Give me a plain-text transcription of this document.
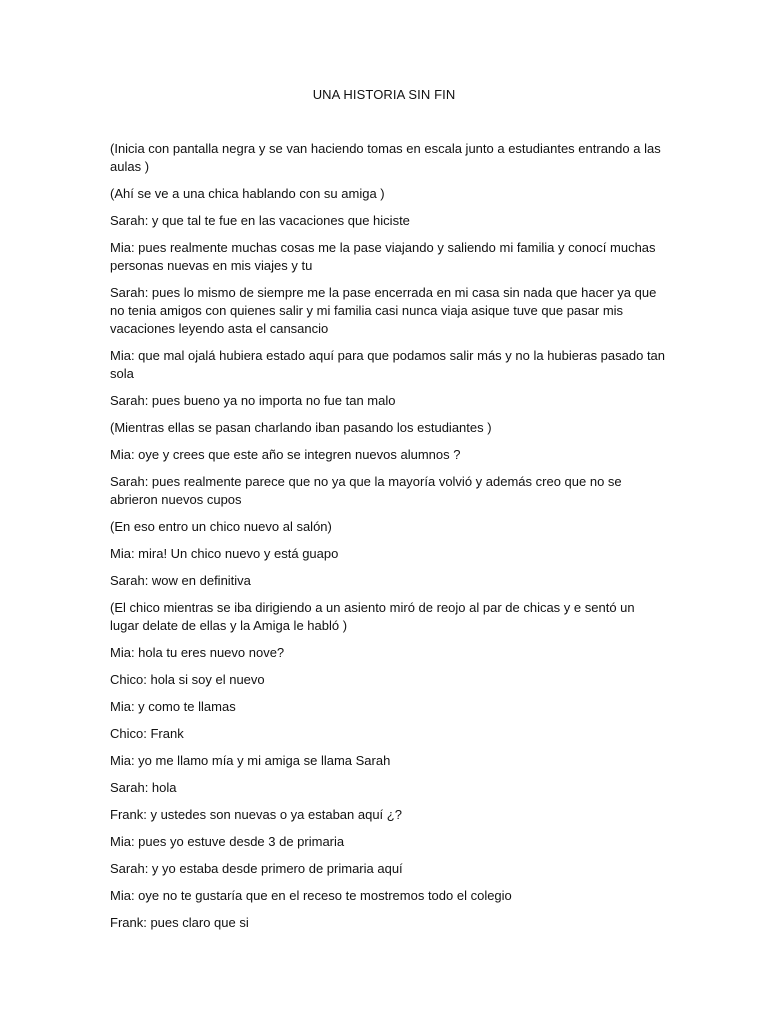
UNA HISTORIA SIN FIN

(Inicia con pantalla negra y se van haciendo tomas en escala junto a estudiantes entrando a las aulas )

(Ahí se ve a una chica hablando con su amiga )

Sarah: y que tal te fue en las vacaciones que hiciste

Mia: pues realmente muchas cosas me la pase viajando y saliendo mi familia y conocí muchas personas nuevas en mis viajes y tu

Sarah: pues lo mismo de siempre me la pase encerrada en mi casa sin nada que hacer ya que no tenia amigos con quienes salir y mi familia casi nunca viaja asique tuve que pasar mis vacaciones leyendo asta el cansancio

Mia: que mal ojalá hubiera estado aquí para que podamos salir más y no la hubieras pasado tan sola

Sarah: pues bueno ya no importa no fue tan malo

(Mientras ellas se pasan charlando iban pasando los estudiantes )

Mia: oye y crees que este año se integren nuevos alumnos ?

Sarah: pues realmente parece que no ya que la mayoría volvió y además creo que no se abrieron nuevos cupos

(En eso entro un chico nuevo al salón)

Mia: mira! Un chico nuevo y está guapo

Sarah: wow en definitiva

(El chico mientras se iba dirigiendo a un asiento miró de reojo al par de chicas y e sentó un lugar delate de ellas y la Amiga le habló )

Mia: hola tu eres nuevo nove?

Chico: hola si soy el nuevo

Mia: y como te llamas

Chico: Frank

Mia: yo me llamo mía y mi amiga se llama Sarah

Sarah: hola

Frank: y ustedes son nuevas o ya estaban aquí ¿?

Mia: pues yo estuve desde 3 de primaria

Sarah: y yo estaba desde primero de primaria aquí

Mia: oye no te gustaría que en el receso te mostremos todo el colegio

Frank: pues claro que si
